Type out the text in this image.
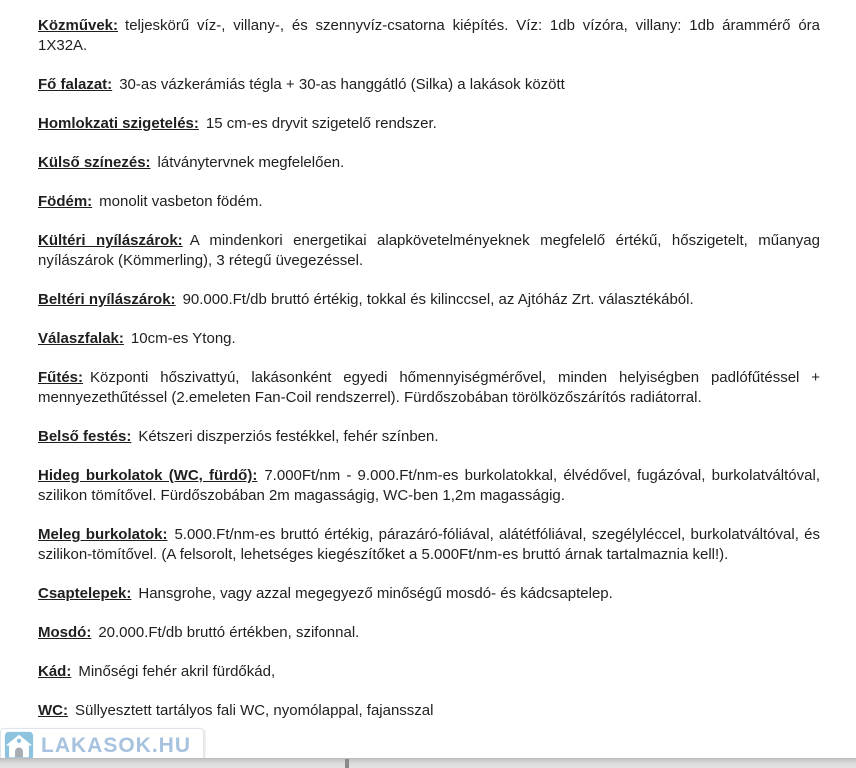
Közművek: teljeskörű víz-, villany-, és szennyvíz-csatorna kiépítés. Víz: 1db vízóra, villany: 1db árammérő óra 1X32A.
Fő falazat: 30-as vázkerámiás tégla + 30-as hanggátló (Silka) a lakások között
Homlokzati szigetelés: 15 cm-es dryvit szigetelő rendszer.
Külső színezés: látványtervnek megfelelően.
Födém: monolit vasbeton födém.
Kültéri nyílászárok: A mindenkori energetikai alapkövetelményeknek megfelelő értékű, hőszigetelt, műanyag nyílászárok (Kömmerling), 3 rétegű üvegezéssel.
Beltéri nyílászárok: 90.000.Ft/db bruttó értékig, tokkal és kilinccsel, az Ajtóház Zrt. választékából.
Válaszfalak: 10cm-es Ytong.
Fűtés: Központi hőszivattyú, lakásonként egyedi hőmennyiségmérővel, minden helyiségben padlófűtéssel + mennyezethűtéssel (2.emeleten Fan-Coil rendszerrel). Fürdőszobában törölközőszárítós radiátorral.
Belső festés: Kétszeri diszperziós festékkel, fehér színben.
Hideg burkolatok (WC, fürdő): 7.000Ft/nm - 9.000.Ft/nm-es burkolatokkal, élvédővel, fugázóval, burkolatváltóval, szilikon tömítővel. Fürdőszobában 2m magasságig, WC-ben 1,2m magasságig.
Meleg burkolatok: 5.000.Ft/nm-es bruttó értékig, párazáró-fóliával, alátétfóliával, szegélyléccel, burkolatváltóval, és szilikon-tömítővel. (A felsorolt, lehetséges kiegészítőket a 5.000Ft/nm-es bruttó árnak tartalmaznia kell!).
Csaptelepek: Hansgrohe, vagy azzal megegyező minőségű mosdó- és kádcsaptelep.
Mosdó: 20.000.Ft/db bruttó értékben, szifonnal.
Kád: Minőségi fehér akril fürdőkád,
WC: Süllyesztett tartályos fali WC, nyomólappal, fajansszal
LAKASOK.HU
